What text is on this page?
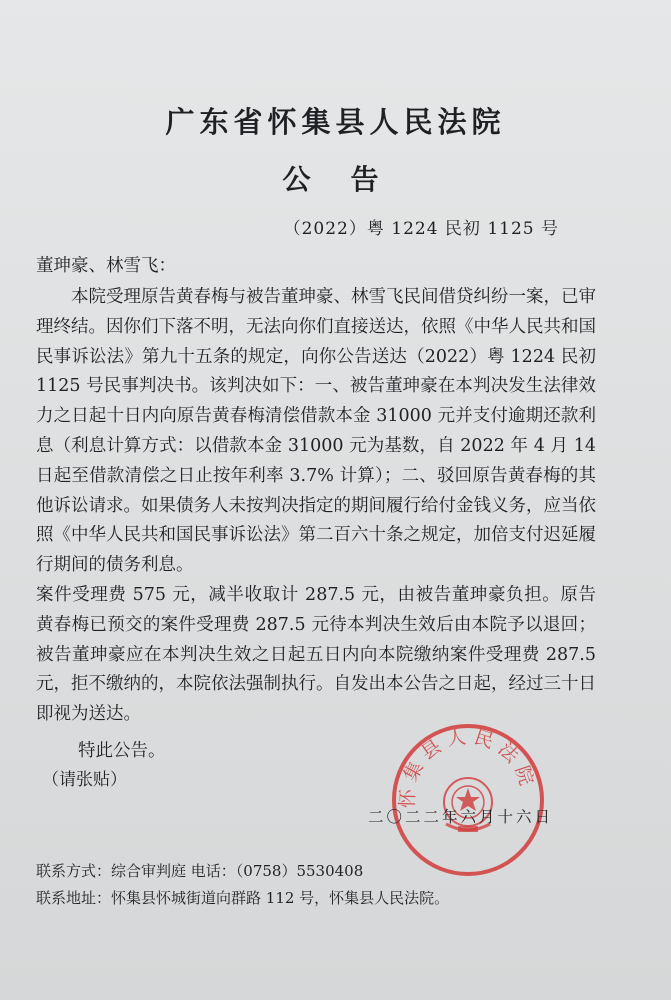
广东省怀集县人民法院
公告
（2022）粤 1224 民初 1125 号
董珅豪、林雪飞：

本院受理原告黄春梅与被告董珅豪、林雪飞民间借贷纠纷一案，已审理终结。因你们下落不明，无法向你们直接送达，依照《中华人民共和国民事诉讼法》第九十五条的规定，向你公告送达（2022）粤 1224 民初 1125 号民事判决书。该判决如下：一、被告董珅豪在本判决发生法律效力之日起十日内向原告黄春梅清偿借款本金 31000 元并支付逾期还款利息（利息计算方式：以借款本金 31000 元为基数，自 2022 年 4 月 14 日起至借款清偿之日止按年利率 3.7% 计算）；二、驳回原告黄春梅的其他诉讼请求。如果债务人未按判决指定的期间履行给付金钱义务，应当依照《中华人民共和国民事诉讼法》第二百六十条之规定，加倍支付迟延履行期间的债务利息。

案件受理费 575 元，减半收取计 287.5 元，由被告董珅豪负担。原告黄春梅已预交的案件受理费 287.5 元待本判决生效后由本院予以退回；被告董珅豪应在本判决生效之日起五日内向本院缴纳案件受理费 287.5 元，拒不缴纳的，本院依法强制执行。自发出本公告之日起，经过三十日即视为送达。

特此公告。
（请张贴）
怀集县人民法院
二〇二二年六月十六日
联系方式：综合审判庭 电话：（0758）5530408
联系地址：怀集县怀城街道向群路 112 号，怀集县人民法院。
